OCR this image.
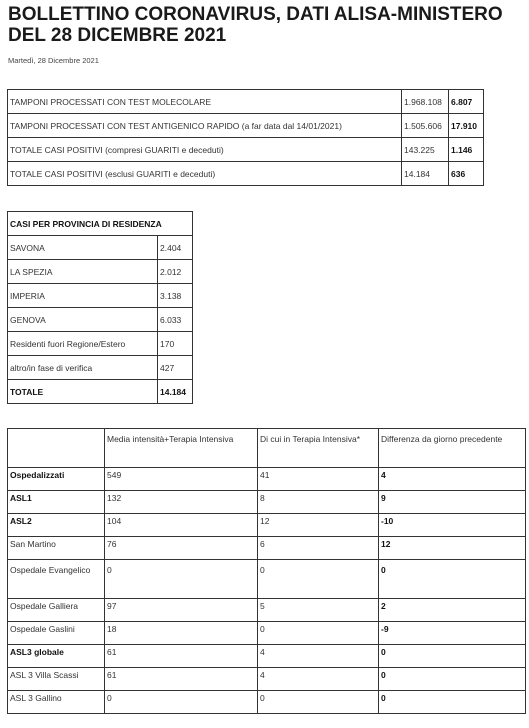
BOLLETTINO CORONAVIRUS, DATI ALISA-MINISTERO DEL 28 DICEMBRE 2021
Martedì, 28 Dicembre 2021
TAMPONI PROCESSATI CON TEST MOLECOLARE	1.968.108	6.807
TAMPONI PROCESSATI CON TEST ANTIGENICO RAPIDO (a far data dal 14/01/2021)	1.505.606	17.910
TOTALE CASI POSITIVI (compresi GUARITI e deceduti)	143.225	1.146
TOTALE CASI POSITIVI (esclusi GUARITI e deceduti)	14.184	636
CASI PER PROVINCIA DI RESIDENZA	
SAVONA	2.404
LA SPEZIA	2.012
IMPERIA	3.138
GENOVA	6.033
Residenti fuori Regione/Estero	170
altro/in fase di verifica	427
TOTALE	14.184
	Media intensità+Terapia Intensiva	Di cui in Terapia Intensiva*	Differenza da giorno precedente
Ospedalizzati	549	41	4
ASL1	132	8	9
ASL2	104	12	-10
San Martino	76	6	12
Ospedale Evangelico	0	0	0
Ospedale Galliera	97	5	2
Ospedale Gaslini	18	0	-9
ASL3 globale	61	4	0
ASL 3 Villa Scassi	61	4	0
ASL 3 Gallino	0	0	0
